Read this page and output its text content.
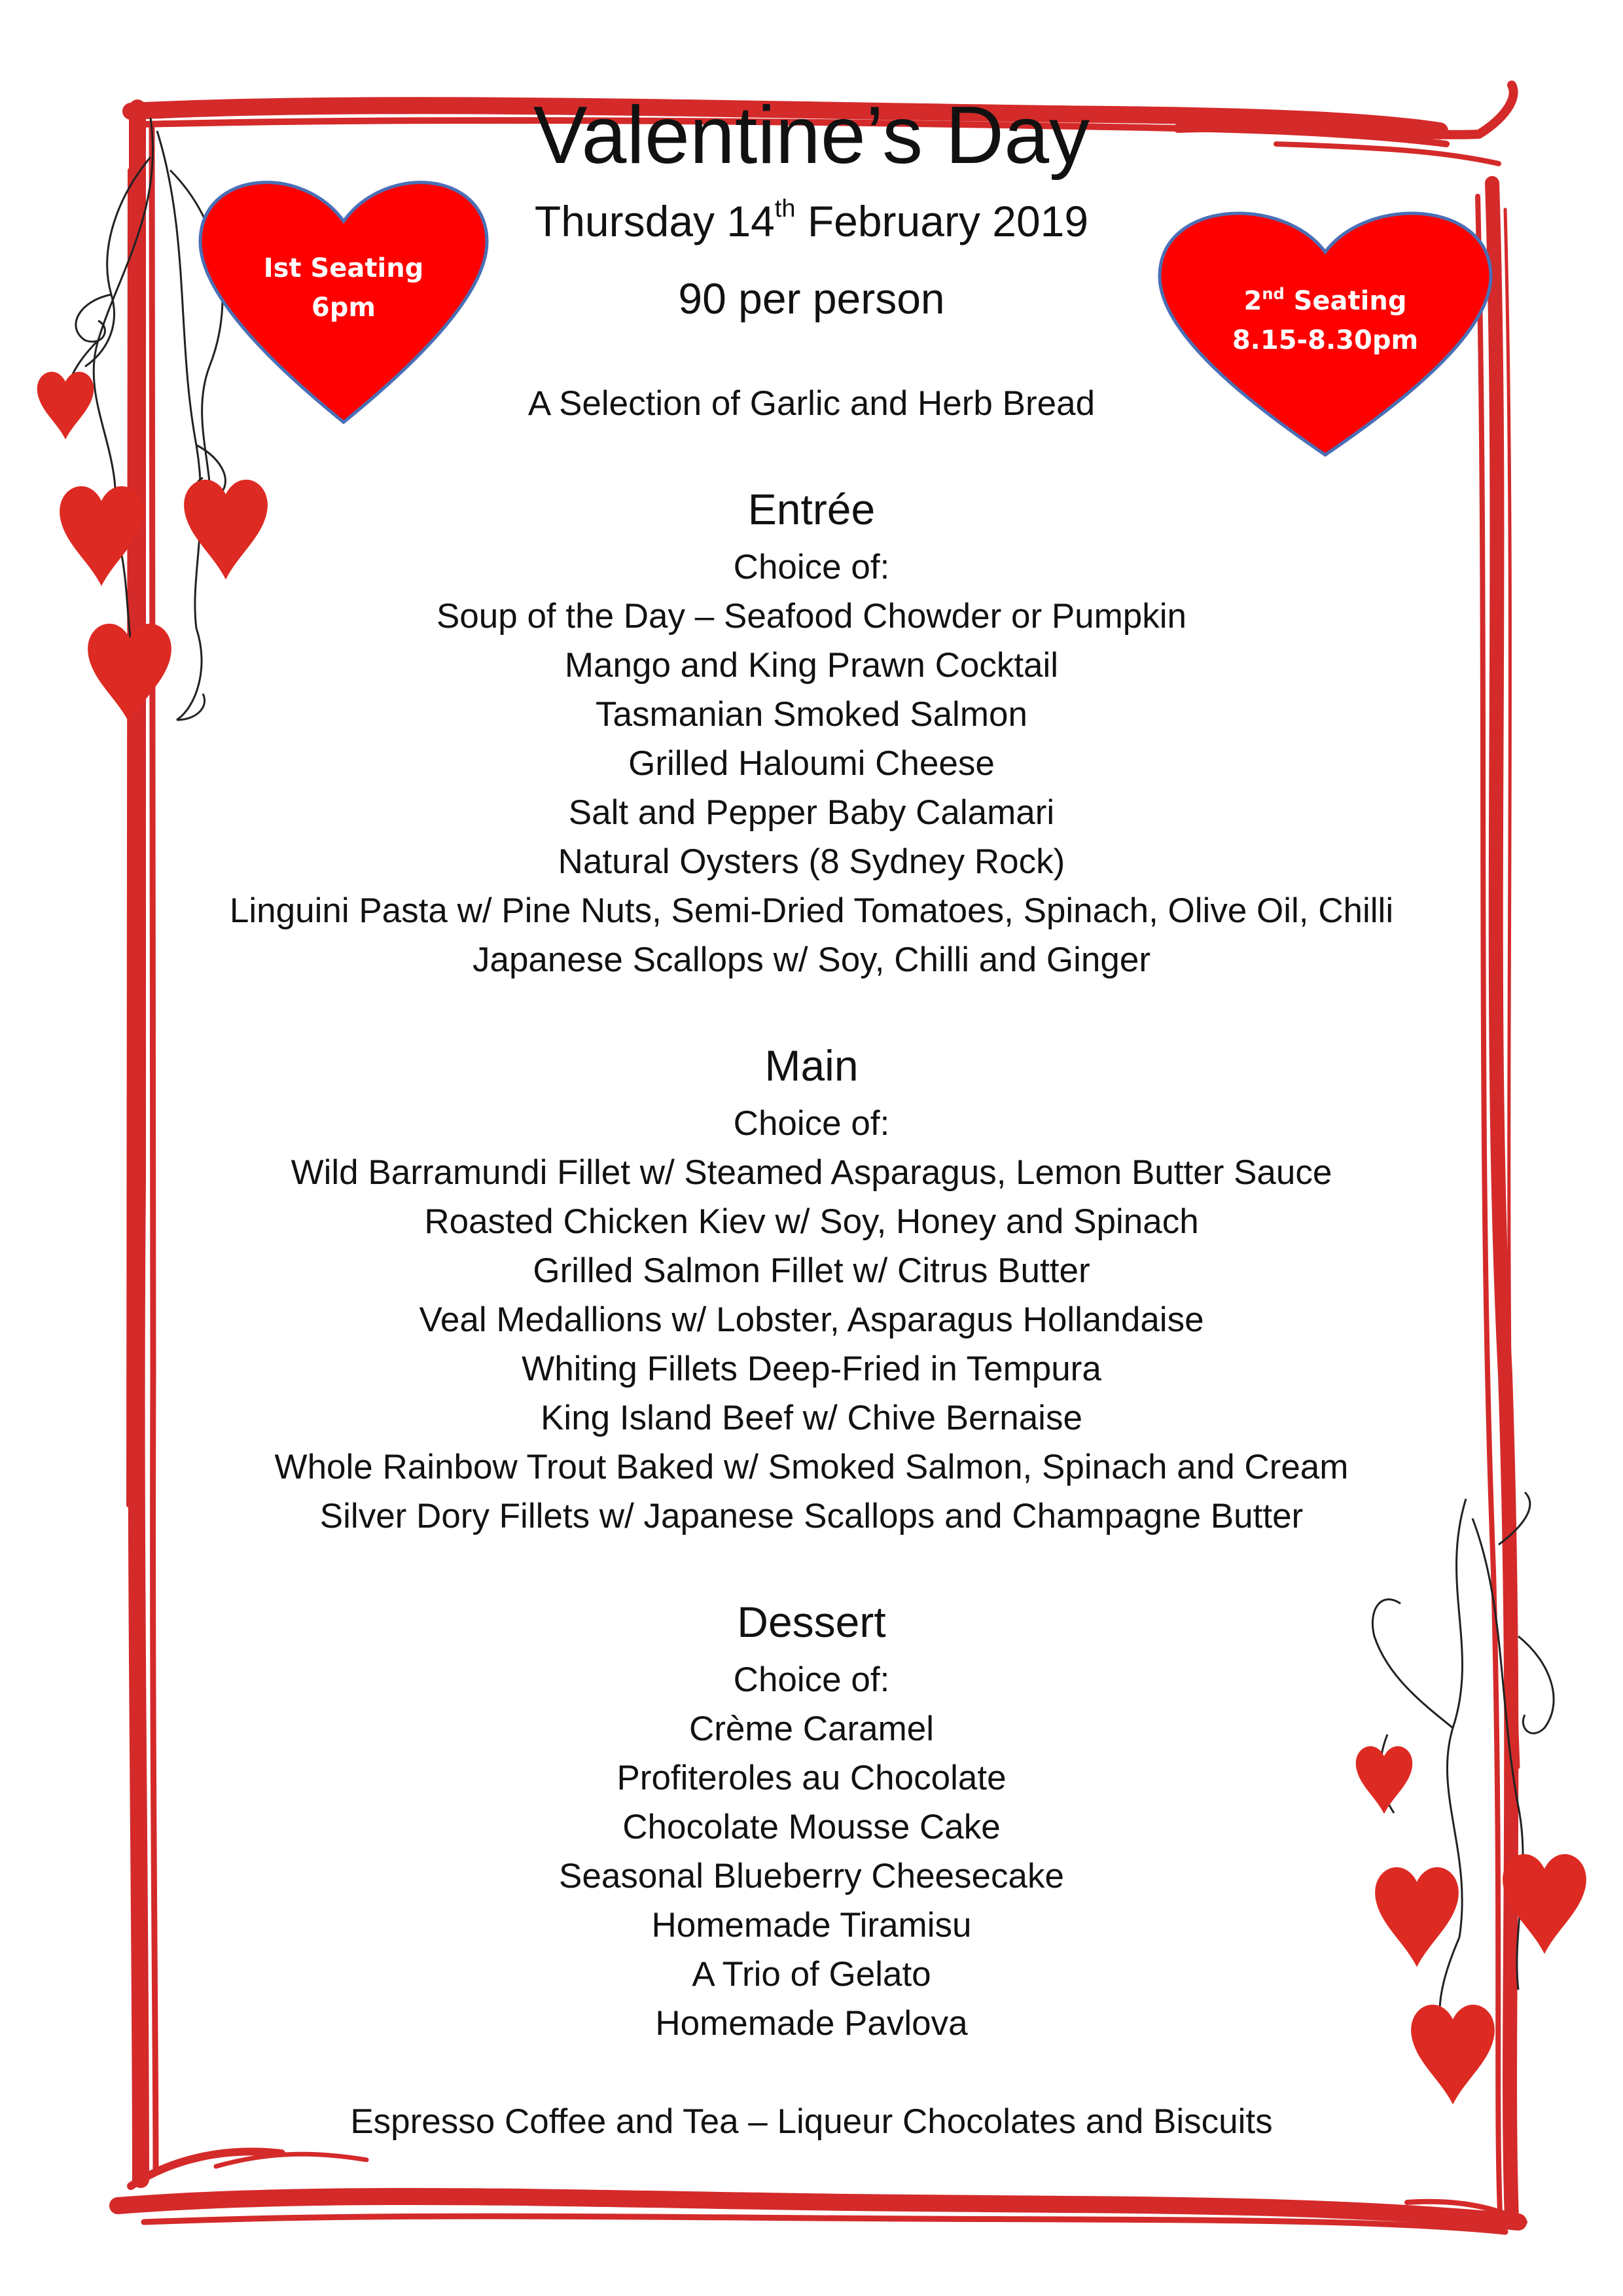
Ist Seating
6pm	2nd Seating
8.15-8.30pm
Valentine’s Day
Thursday 14th February 2019
90 per person
A Selection of Garlic and Herb Bread
Entrée
Choice of:
Soup of the Day – Seafood Chowder or Pumpkin
Mango and King Prawn Cocktail
Tasmanian Smoked Salmon
Grilled Haloumi Cheese
Salt and Pepper Baby Calamari
Natural Oysters (8 Sydney Rock)
Linguini Pasta w/ Pine Nuts, Semi-Dried Tomatoes, Spinach, Olive Oil, Chilli
Japanese Scallops w/ Soy, Chilli and Ginger
Main
Choice of:
Wild Barramundi Fillet w/ Steamed Asparagus, Lemon Butter Sauce
Roasted Chicken Kiev w/ Soy, Honey and Spinach
Grilled Salmon Fillet w/ Citrus Butter
Veal Medallions w/ Lobster, Asparagus Hollandaise
Whiting Fillets Deep-Fried in Tempura
King Island Beef w/ Chive Bernaise
Whole Rainbow Trout Baked w/ Smoked Salmon, Spinach and Cream
Silver Dory Fillets w/ Japanese Scallops and Champagne Butter
Dessert
Choice of:
Crème Caramel
Profiteroles au Chocolate
Chocolate Mousse Cake
Seasonal Blueberry Cheesecake
Homemade Tiramisu
A Trio of Gelato
Homemade Pavlova
Espresso Coffee and Tea – Liqueur Chocolates and Biscuits
